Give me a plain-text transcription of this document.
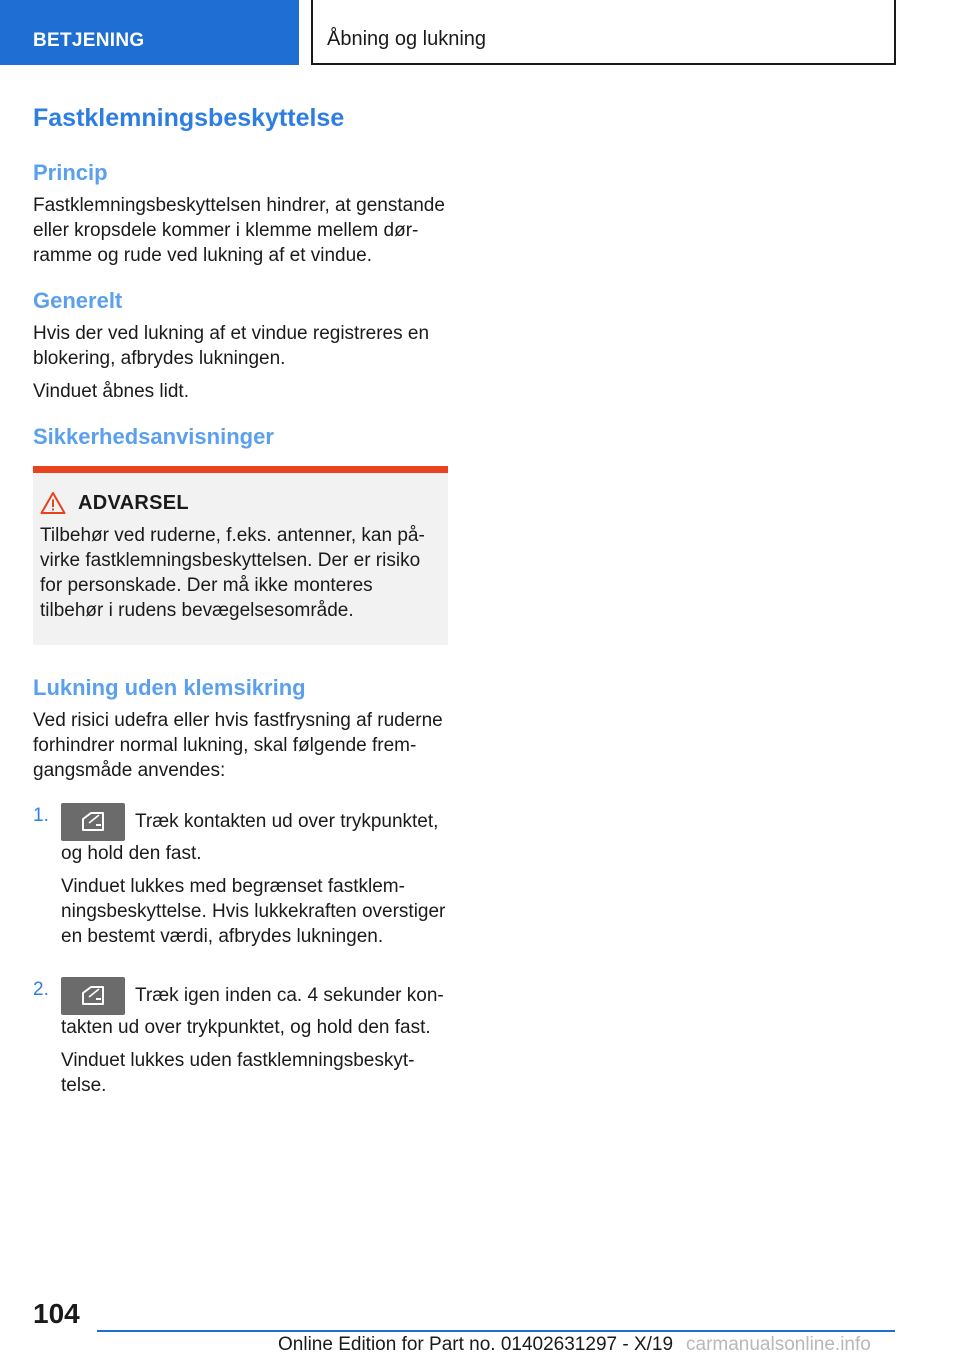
BETJENING	Åbning og lukning
Fastklemningsbeskyttelse
Princip

Fastklemningsbeskyttelsen hindrer, at genstande eller kropsdele kommer i klemme mellem dør-ramme og rude ved lukning af et vindue.

Generelt

Hvis der ved lukning af et vindue registreres en blokering, afbrydes lukningen.

Vinduet åbnes lidt.

Sikkerhedsanvisninger
ADVARSEL

Tilbehør ved ruderne, f.eks. antenner, kan på-virke fastklemningsbeskyttelsen. Der er risiko for personskade. Der må ikke monteres tilbehør i rudens bevægelsesområde.

Lukning uden klemsikring

Ved risici udefra eller hvis fastfrysning af ruderne forhindrer normal lukning, skal følgende frem-gangsmåde anvendes:

1.	Træk kontakten ud over trykpunktet, og hold den fast.

Vinduet lukkes med begrænset fastklem-ningsbeskyttelse. Hvis lukkekraften overstiger en bestemt værdi, afbrydes lukningen.

2.	Træk igen inden ca. 4 sekunder kon-takten ud over trykpunktet, og hold den fast.

Vinduet lukkes uden fastklemningsbeskyt-telse.

104
Online Edition for Part no. 01402631297 - X/19 carmanualsonline.info
